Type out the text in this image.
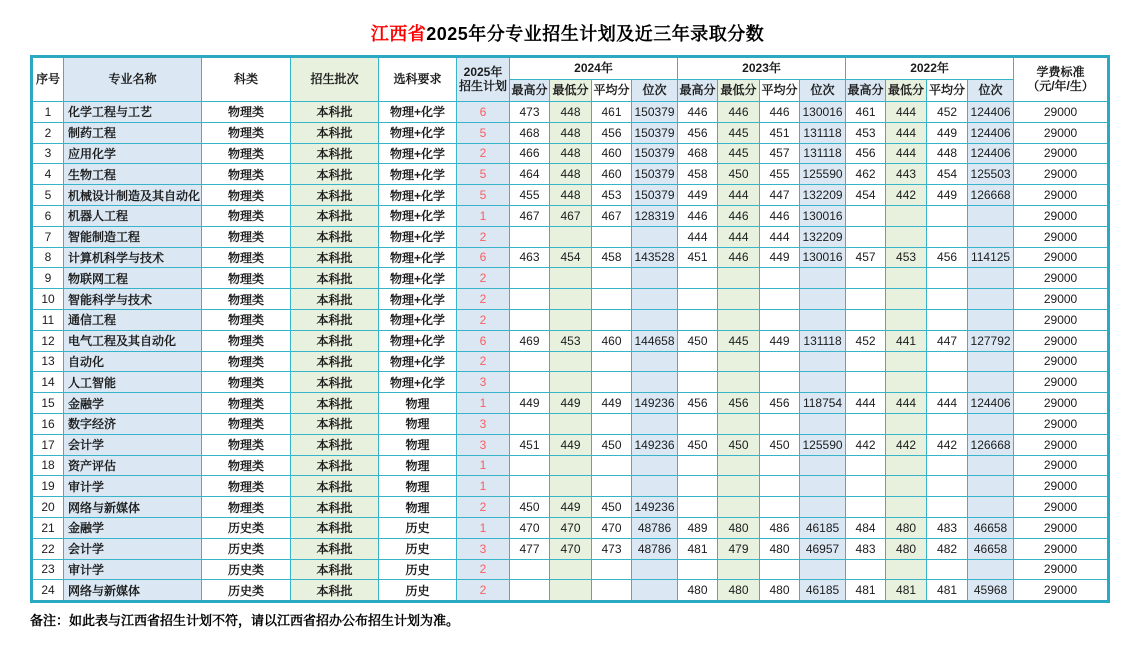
江西省2025年分专业招生计划及近三年录取分数
序号	专业名称	科类	招生批次	选科要求	2025年
招生计划	2024年				2023年				2022年				学费标准
（元/年/生）
						最高分	最低分	平均分	位次	最高分	最低分	平均分	位次	最高分	最低分	平均分	位次	
1	化学工程与工艺	物理类	本科批	物理+化学	6	473	448	461	150379	446	446	446	130016	461	444	452	124406	29000
2	制药工程	物理类	本科批	物理+化学	5	468	448	456	150379	456	445	451	131118	453	444	449	124406	29000
3	应用化学	物理类	本科批	物理+化学	2	466	448	460	150379	468	445	457	131118	456	444	448	124406	29000
4	生物工程	物理类	本科批	物理+化学	5	464	448	460	150379	458	450	455	125590	462	443	454	125503	29000
5	机械设计制造及其自动化	物理类	本科批	物理+化学	5	455	448	453	150379	449	444	447	132209	454	442	449	126668	29000
6	机器人工程	物理类	本科批	物理+化学	1	467	467	467	128319	446	446	446	130016					29000
7	智能制造工程	物理类	本科批	物理+化学	2					444	444	444	132209					29000
8	计算机科学与技术	物理类	本科批	物理+化学	6	463	454	458	143528	451	446	449	130016	457	453	456	114125	29000
9	物联网工程	物理类	本科批	物理+化学	2													29000
10	智能科学与技术	物理类	本科批	物理+化学	2													29000
11	通信工程	物理类	本科批	物理+化学	2													29000
12	电气工程及其自动化	物理类	本科批	物理+化学	6	469	453	460	144658	450	445	449	131118	452	441	447	127792	29000
13	自动化	物理类	本科批	物理+化学	2													29000
14	人工智能	物理类	本科批	物理+化学	3													29000
15	金融学	物理类	本科批	物理	1	449	449	449	149236	456	456	456	118754	444	444	444	124406	29000
16	数字经济	物理类	本科批	物理	3													29000
17	会计学	物理类	本科批	物理	3	451	449	450	149236	450	450	450	125590	442	442	442	126668	29000
18	资产评估	物理类	本科批	物理	1													29000
19	审计学	物理类	本科批	物理	1													29000
20	网络与新媒体	物理类	本科批	物理	2	450	449	450	149236									29000
21	金融学	历史类	本科批	历史	1	470	470	470	48786	489	480	486	46185	484	480	483	46658	29000
22	会计学	历史类	本科批	历史	3	477	470	473	48786	481	479	480	46957	483	480	482	46658	29000
23	审计学	历史类	本科批	历史	2													29000
24	网络与新媒体	历史类	本科批	历史	2					480	480	480	46185	481	481	481	45968	29000
备注：如此表与江西省招生计划不符，请以江西省招办公布招生计划为准。
